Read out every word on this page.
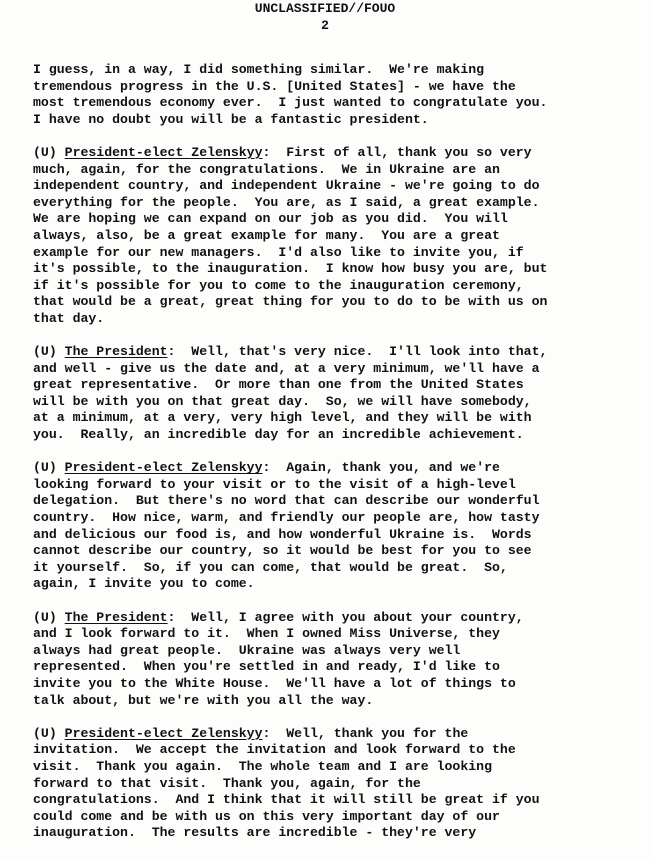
UNCLASSIFIED//FOUO
2
I guess, in a way, I did something similar.  We're making
tremendous progress in the U.S. [United States] - we have the
most tremendous economy ever.  I just wanted to congratulate you.
I have no doubt you will be a fantastic president.
(U) President-elect Zelenskyy:  First of all, thank you so very
much, again, for the congratulations.  We in Ukraine are an
independent country, and independent Ukraine - we're going to do
everything for the people.  You are, as I said, a great example.
We are hoping we can expand on our job as you did.  You will
always, also, be a great example for many.  You are a great
example for our new managers.  I'd also like to invite you, if
it's possible, to the inauguration.  I know how busy you are, but
if it's possible for you to come to the inauguration ceremony,
that would be a great, great thing for you to do to be with us on
that day.
(U) The President:  Well, that's very nice.  I'll look into that,
and well - give us the date and, at a very minimum, we'll have a
great representative.  Or more than one from the United States
will be with you on that great day.  So, we will have somebody,
at a minimum, at a very, very high level, and they will be with
you.  Really, an incredible day for an incredible achievement.
(U) President-elect Zelenskyy:  Again, thank you, and we're
looking forward to your visit or to the visit of a high-level
delegation.  But there's no word that can describe our wonderful
country.  How nice, warm, and friendly our people are, how tasty
and delicious our food is, and how wonderful Ukraine is.  Words
cannot describe our country, so it would be best for you to see
it yourself.  So, if you can come, that would be great.  So,
again, I invite you to come.
(U) The President:  Well, I agree with you about your country,
and I look forward to it.  When I owned Miss Universe, they
always had great people.  Ukraine was always very well
represented.  When you're settled in and ready, I'd like to
invite you to the White House.  We'll have a lot of things to
talk about, but we're with you all the way.
(U) President-elect Zelenskyy:  Well, thank you for the
invitation.  We accept the invitation and look forward to the
visit.  Thank you again.  The whole team and I are looking
forward to that visit.  Thank you, again, for the
congratulations.  And I think that it will still be great if you
could come and be with us on this very important day of our
inauguration.  The results are incredible - they're very
